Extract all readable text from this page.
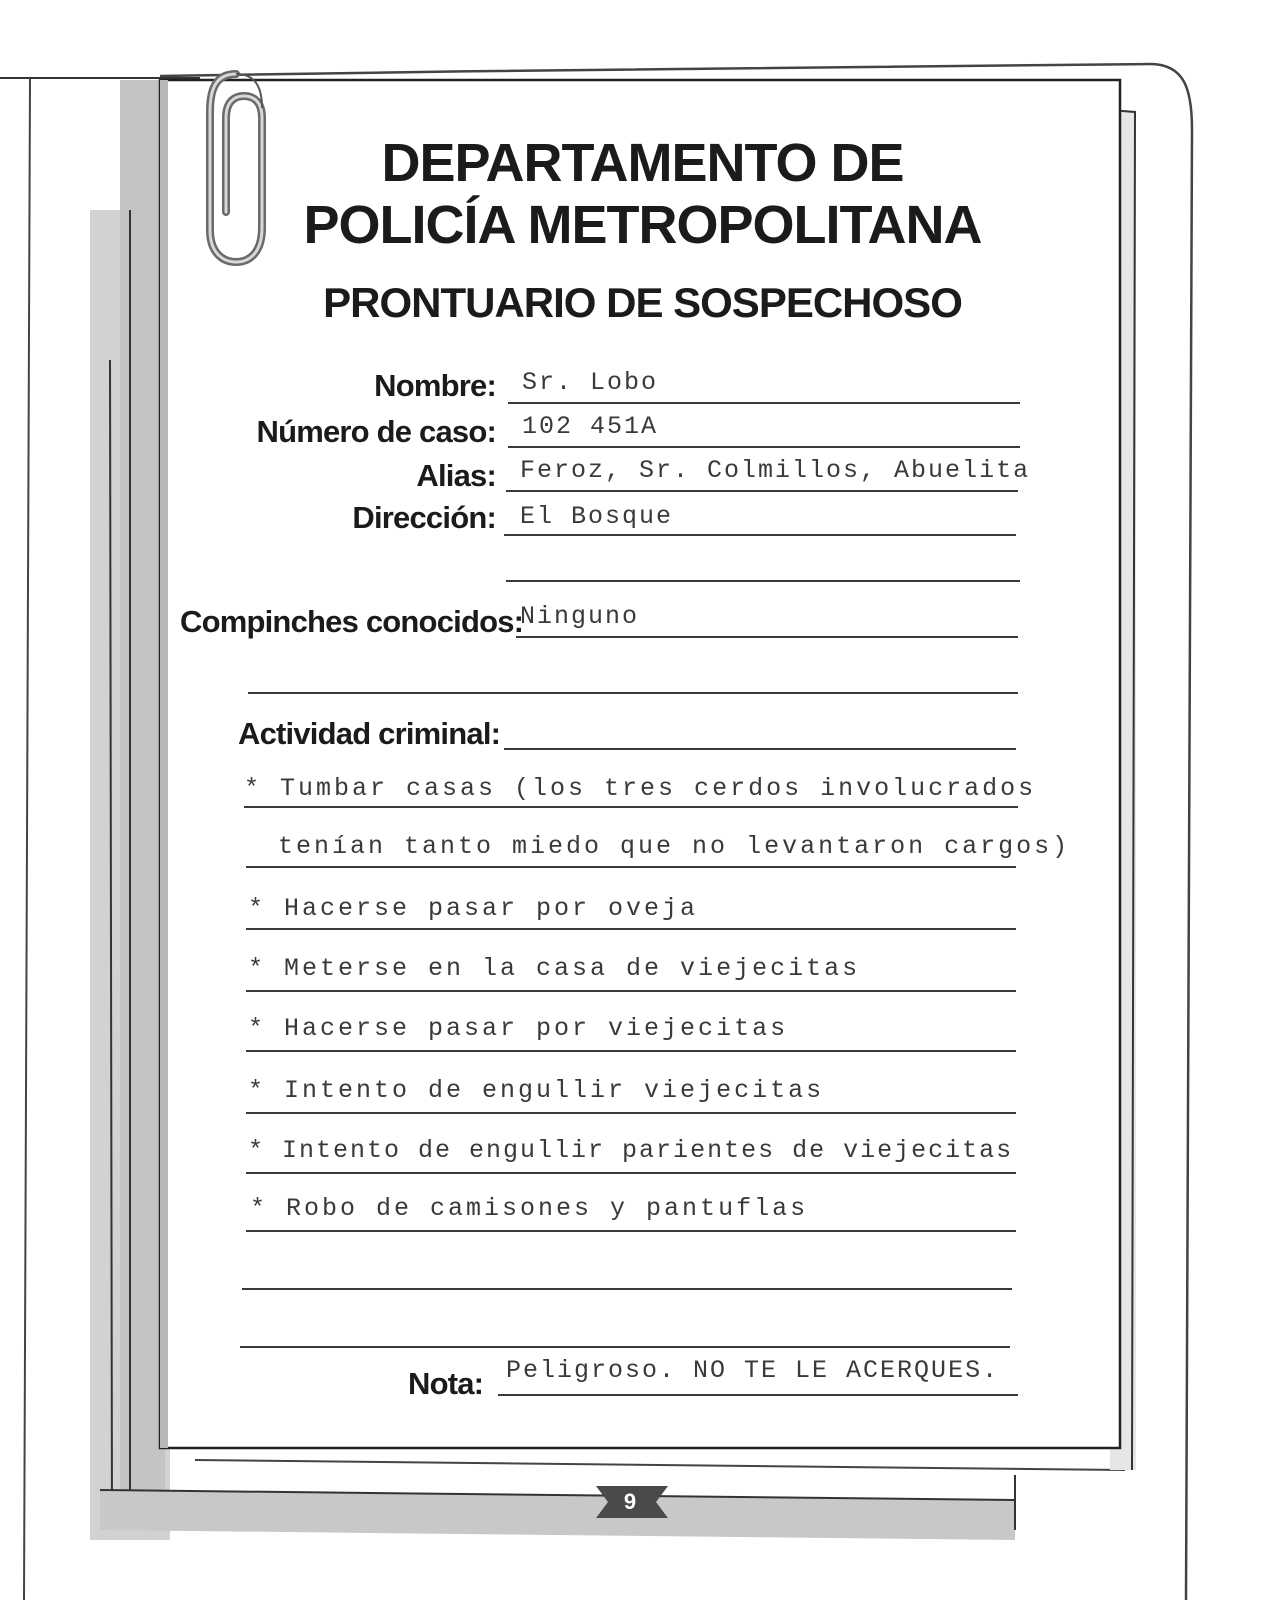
DEPARTAMENTO DE
POLICÍA METROPOLITANA
PRONTUARIO DE SOSPECHOSO
Nombre: Sr. Lobo
Número de caso: 102 451A
Alias: Feroz, Sr. Colmillos, Abuelita
Dirección: El Bosque
Compinches conocidos:
Ninguno
Actividad criminal:
* Tumbar casas (los tres cerdos involucrados
tenían tanto miedo que no levantaron cargos)
* Hacerse pasar por oveja
* Meterse en la casa de viejecitas
* Hacerse pasar por viejecitas
* Intento de engullir viejecitas
* Intento de engullir parientes de viejecitas
* Robo de camisones y pantuflas
Nota: Peligroso. NO TE LE ACERQUES.
9
